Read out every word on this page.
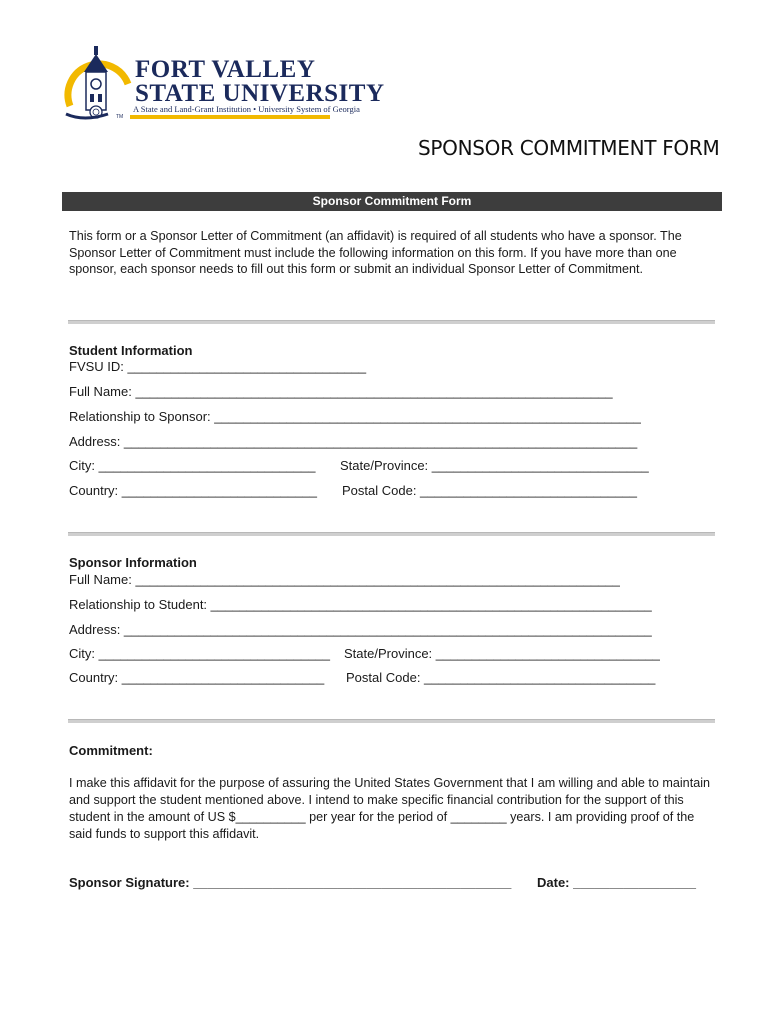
FORT VALLEY
STATE UNIVERSITY
A State and Land-Grant Institution • University System of Georgia
TM
SPONSOR COMMITMENT FORM
Sponsor Commitment Form
This form or a Sponsor Letter of Commitment (an affidavit) is required of all students who have a sponsor. The Sponsor Letter of Commitment must include the following information on this form. If you have more than one sponsor, each sponsor needs to fill out this form or submit an individual Sponsor Letter of Commitment.
Student Information
FVSU ID: _________________________________
Full Name: __________________________________________________________________
Relationship to Sponsor: ___________________________________________________________
Address: _______________________________________________________________________
City: ______________________________ State/Province: ______________________________
Country: ___________________________ Postal Code: ______________________________
Sponsor Information
Full Name: ___________________________________________________________________
Relationship to Student: _____________________________________________________________
Address: _________________________________________________________________________
City: ________________________________ State/Province: _______________________________
Country: ____________________________ Postal Code: ________________________________
Commitment:
I make this affidavit for the purpose of assuring the United States Government that I am willing and able to maintain and support the student mentioned above. I intend to make specific financial contribution for the support of this student in the amount of US $__________ per year for the period of ________ years. I am providing proof of the said funds to support this affidavit.
Sponsor Signature: ____________________________________________ Date: _________________
